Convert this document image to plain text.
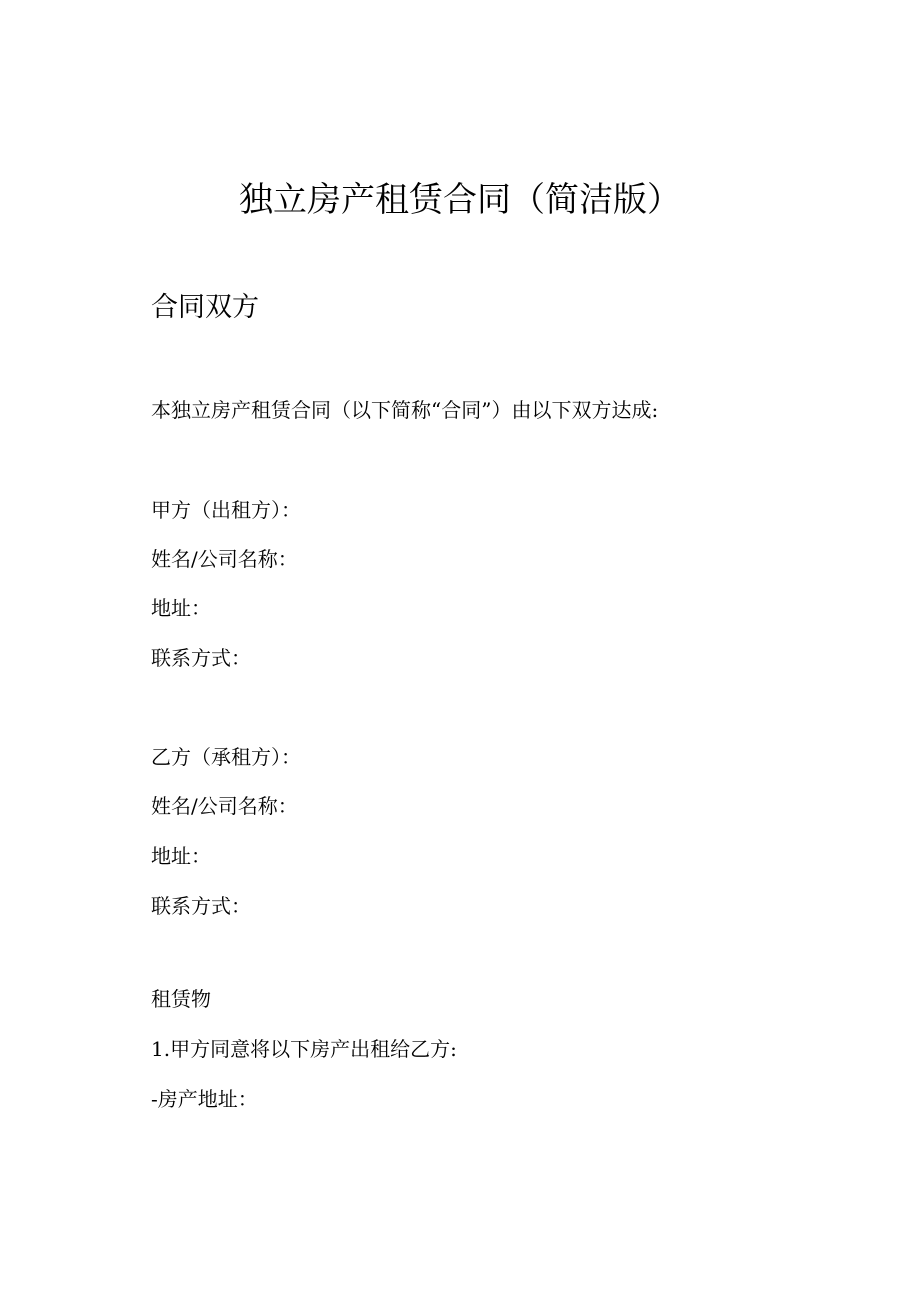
独立房产租赁合同（简洁版）
合同双方

本独立房产租赁合同（以下简称“合同”）由以下双方达成:

甲方（出租方）：

姓名/公司名称：

地址：

联系方式：

乙方（承租方）：

姓名/公司名称：

地址：

联系方式：

租赁物

1.甲方同意将以下房产出租给乙方:

-房产地址：
